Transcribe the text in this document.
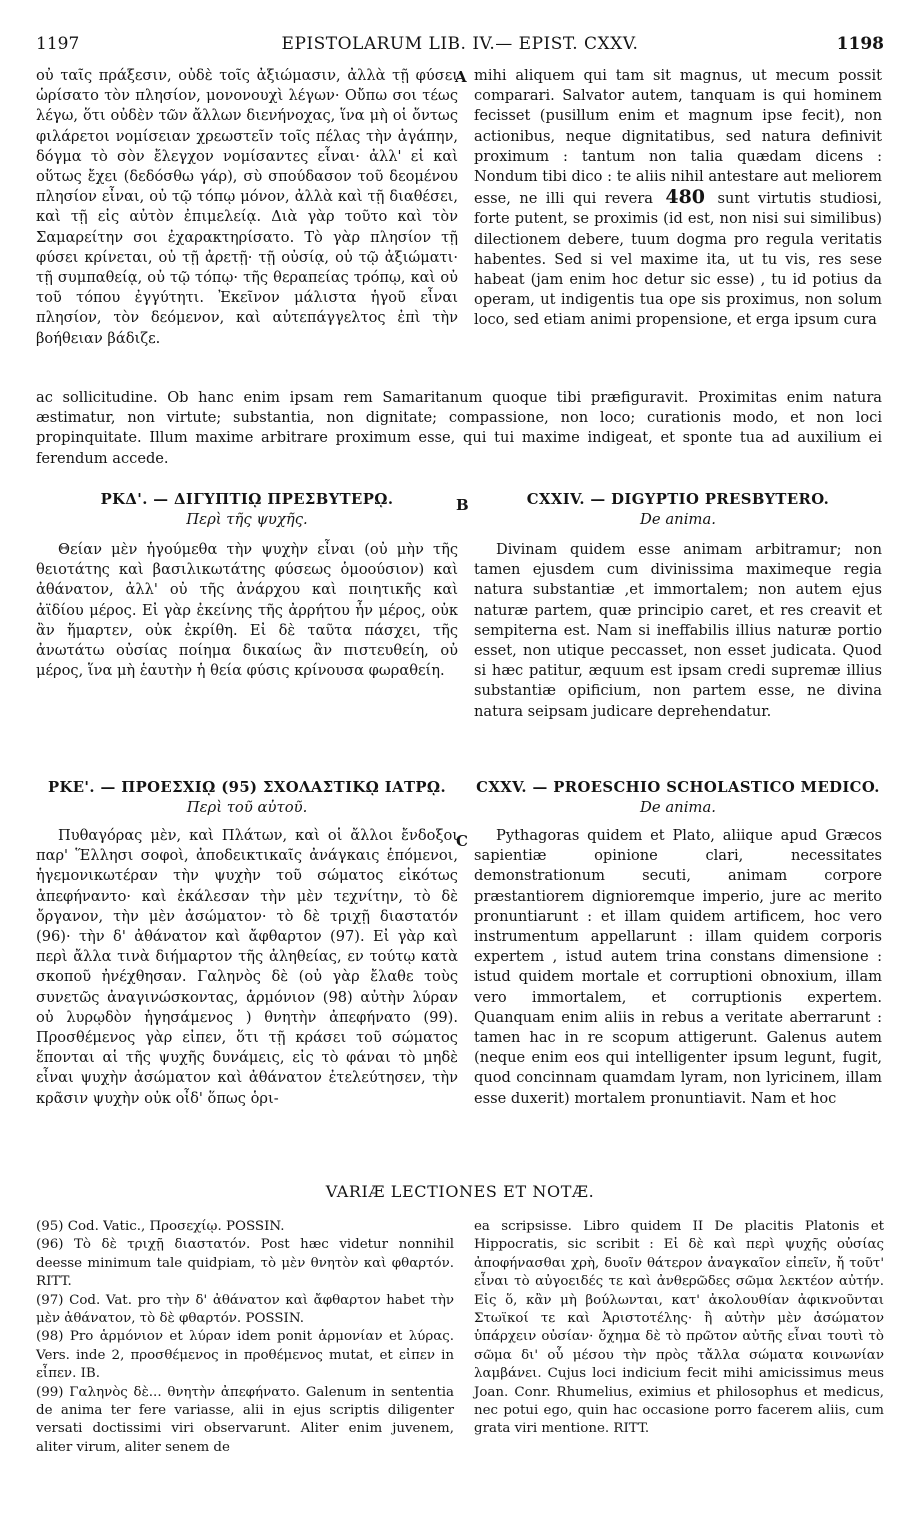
1197	EPISTOLARUM LIB. IV.— EPIST. CXXV.	1198

οὐ ταῖς πράξεσιν, οὐδὲ τοῖς ἀξιώμασιν, ἀλλὰ τῇ φύσει ὡρίσατο τὸν πλησίον, μονονουχὶ λέγων· Οὔπω σοι τέως λέγω, ὅτι οὐδὲν τῶν ἄλλων διενήνοχας, ἵνα μὴ οἱ ὄντως φιλάρετοι νομίσειαν χρεωστεῖν τοῖς πέλας τὴν ἀγάπην, δόγμα τὸ σὸν ἔλεγχον νομίσαντες εἶναι· ἀλλ' εἰ καὶ οὕτως ἔχει (δεδόσθω γάρ), σὺ σπούδασον τοῦ δεομένου πλησίον εἶναι, οὐ τῷ τόπῳ μόνον, ἀλλὰ καὶ τῇ διαθέσει, καὶ τῇ εἰς αὐτὸν ἐπιμελείᾳ. Διὰ γὰρ τοῦτο καὶ τὸν Σαμαρείτην σοι ἐχαρακτηρίσατο. Τὸ γὰρ πλησίον τῇ φύσει κρίνεται, οὐ τῇ ἀρετῇ· τῇ οὐσίᾳ, οὐ τῷ ἀξιώματι· τῇ συμπαθείᾳ, οὐ τῷ τόπῳ· τῆς θεραπείας τρόπῳ, καὶ οὐ τοῦ τόπου ἐγγύτητι. Ἐκεῖνον μάλιστα ἡγοῦ εἶναι πλησίον, τὸν δεόμενον, καὶ αὐτεπάγγελτος ἐπὶ τὴν βοήθειαν βάδιζε.

A mihi aliquem qui tam sit magnus, ut mecum possit comparari. Salvator autem, tanquam is qui hominem fecisset (pusillum enim et magnum ipse fecit), non actionibus, neque dignitatibus, sed natura definivit proximum : tantum non talia quædam dicens : Nondum tibi dico : te aliis nihil antestare aut meliorem esse, ne illi qui revera 480 sunt virtutis studiosi, forte putent, se proximis (id est, non nisi sui similibus) dilectionem debere, tuum dogma pro regula veritatis habentes. Sed si vel maxime ita, ut tu vis, res sese habeat (jam enim hoc detur sic esse) , tu id potius da operam, ut indigentis tua ope sis proximus, non solum loco, sed etiam animi propensione, et erga ipsum cura

ac sollicitudine. Ob hanc enim ipsam rem Samaritanum quoque tibi præfiguravit. Proximitas enim natura æstimatur, non virtute; substantia, non dignitate; compassione, non loco; curationis modo, et non loci propinquitate. Illum maxime arbitrare proximum esse, qui tui maxime indigeat, et sponte tua ad auxilium ei ferendum accede.
ΡΚΔ'. — ΔΙΓΥΠΤΙῼ ΠΡΕΣΒΥΤΕΡῼ.
Περὶ τῆς ψυχῆς.
B	CXXIV. — DIGYPTIO PRESBYTERO.
De anima.

Θείαν μὲν ἡγούμεθα τὴν ψυχὴν εἶναι (οὐ μὴν τῆς θειοτάτης καὶ βασιλικωτάτης φύσεως ὁμοούσιον) καὶ ἀθάνατον, ἀλλ' οὐ τῆς ἀνάρχου καὶ ποιητικῆς καὶ ἀϊδίου μέρος. Εἰ γὰρ ἐκείνης τῆς ἀρρήτου ἦν μέρος, οὐκ ἂν ἥμαρτεν, οὐκ ἐκρίθη. Εἰ δὲ ταῦτα πάσχει, τῆς ἀνωτάτω οὐσίας ποίημα δικαίως ἂν πιστευθείη, οὐ μέρος, ἵνα μὴ ἑαυτὴν ἡ θεία φύσις κρίνουσα φωραθείη.

Divinam quidem esse animam arbitramur; non tamen ejusdem cum divinissima maximeque regia natura substantiæ ,et immortalem; non autem ejus naturæ partem, quæ principio caret, et res creavit et sempiterna est. Nam si ineffabilis illius naturæ portio esset, non utique peccasset, non esset judicata. Quod si hæc patitur, æquum est ipsam credi supremæ illius substantiæ opificium, non partem esse, ne divina natura seipsam judicare deprehendatur.

ΡΚΕ'. — ΠΡΟΕΣΧΙῼ (95) ΣΧΟΛΑΣΤΙΚῼ ΙΑΤΡῼ.
Περὶ τοῦ αὐτοῦ.
CXXV. — PROESCHIO SCHOLASTICO MEDICO.
De anima.
C

Πυθαγόρας μὲν, καὶ Πλάτων, καὶ οἱ ἄλλοι ἔνδοξοι παρ' Ἕλλησι σοφοὶ, ἀποδεικτικαῖς ἀνάγκαις ἑπόμενοι, ἡγεμονικωτέραν τὴν ψυχὴν τοῦ σώματος εἰκότως ἀπεφήναντο· καὶ ἐκάλεσαν τὴν μὲν τεχνίτην, τὸ δὲ ὄργανον, τὴν μὲν ἀσώματον· τὸ δὲ τριχῇ διαστατόν (96)· τὴν δ' ἀθάνατον καὶ ἄφθαρτον (97). Εἰ γὰρ καὶ περὶ ἄλλα τινὰ διήμαρτον τῆς ἀληθείας, εν τούτῳ κατὰ σκοποῦ ἠνέχθησαν. Γαληνὸς δὲ (οὐ γὰρ ἔλαθε τοὺς συνετῶς ἀναγινώσκοντας, ἁρμόνιον (98) αὐτὴν λύραν οὐ λυρῳδὸν ἡγησάμενος ) θνητὴν ἀπεφήνατο (99). Προσθέμενος γὰρ εἰπεν, ὅτι τῇ κράσει τοῦ σώματος ἕπονται αἱ τῆς ψυχῆς δυνάμεις, εἰς τὸ φάναι τὸ μηδὲ εἶναι ψυχὴν ἀσώματον καὶ ἀθάνατον ἐτελεύτησεν, τὴν κρᾶσιν ψυχὴν οὐκ οἶδ' ὅπως ὁρι-

Pythagoras quidem et Plato, aliique apud Græcos sapientiæ opinione clari, necessitates demonstrationum secuti, animam corpore præstantiorem dignioremque imperio, jure ac merito pronuntiarunt : et illam quidem artificem, hoc vero instrumentum appellarunt : illam quidem corporis expertem , istud autem trina constans dimensione : istud quidem mortale et corruptioni obnoxium, illam vero immortalem, et corruptionis expertem. Quanquam enim aliis in rebus a veritate aberrarunt : tamen hac in re scopum attigerunt. Galenus autem (neque enim eos qui intelligenter ipsum legunt, fugit, quod concinnam quamdam lyram, non lyricinem, illam esse duxerit) mortalem pronuntiavit. Nam et hoc

VARIÆ LECTIONES ET NOTÆ.

(95) Cod. Vatic., Προσεχίῳ. POSSIN.

(96) Τὸ δὲ τριχῇ διαστατόν. Post hæc videtur nonnihil deesse minimum tale quidpiam, τὸ μὲν θνητὸν καὶ φθαρτόν. RITT.

(97) Cod. Vat. pro τὴν δ' ἀθάνατον καὶ ἄφθαρτον habet τὴν μὲν ἀθάνατον, τὸ δὲ φθαρτόν. POSSIN.

(98) Pro ἁρμόνιον et λύραν idem ponit ἁρμονίαν et λύρας. Vers. inde 2, προσθέμενος in προθέμενος mutat, et εἰπεν in εἶπεν. IB.

(99) Γαληνὸς δὲ... θνητὴν ἀπεφήνατο. Galenum in sententia de anima ter fere variasse, alii in ejus scriptis diligenter versati doctissimi viri observarunt. Aliter enim juvenem, aliter virum, aliter senem de

ea scripsisse. Libro quidem II De placitis Platonis et Hippocratis, sic scribit : Εἰ δὲ καὶ περὶ ψυχῆς οὐσίας ἀποφήνασθαι χρὴ, δυοῖν θάτερον ἀναγκαῖον εἰπεῖν, ἤ τοῦτ' εἶναι τὸ αὐγοειδές τε καὶ ἀνθερῶδες σῶμα λεκτέον αὐτήν. Εἰς ὅ, κἂν μὴ βούλωνται, κατ' ἀκολουθίαν ἀφικνοῦνται Στωϊκοί τε καὶ Ἀριστοτέλης· ἢ αὐτὴν μὲν ἀσώματον ὑπάρχειν οὐσίαν· ὄχημα δὲ τὸ πρῶτον αὐτῆς εἶναι τουτὶ τὸ σῶμα δι' οὗ μέσου τὴν πρὸς τἄλλα σώματα κοινωνίαν λαμβάνει. Cujus loci indicium fecit mihi amicissimus meus Joan. Conr. Rhumelius, eximius et philosophus et medicus, nec potui ego, quin hac occasione porro facerem aliis, cum grata viri mentione. RITT.
